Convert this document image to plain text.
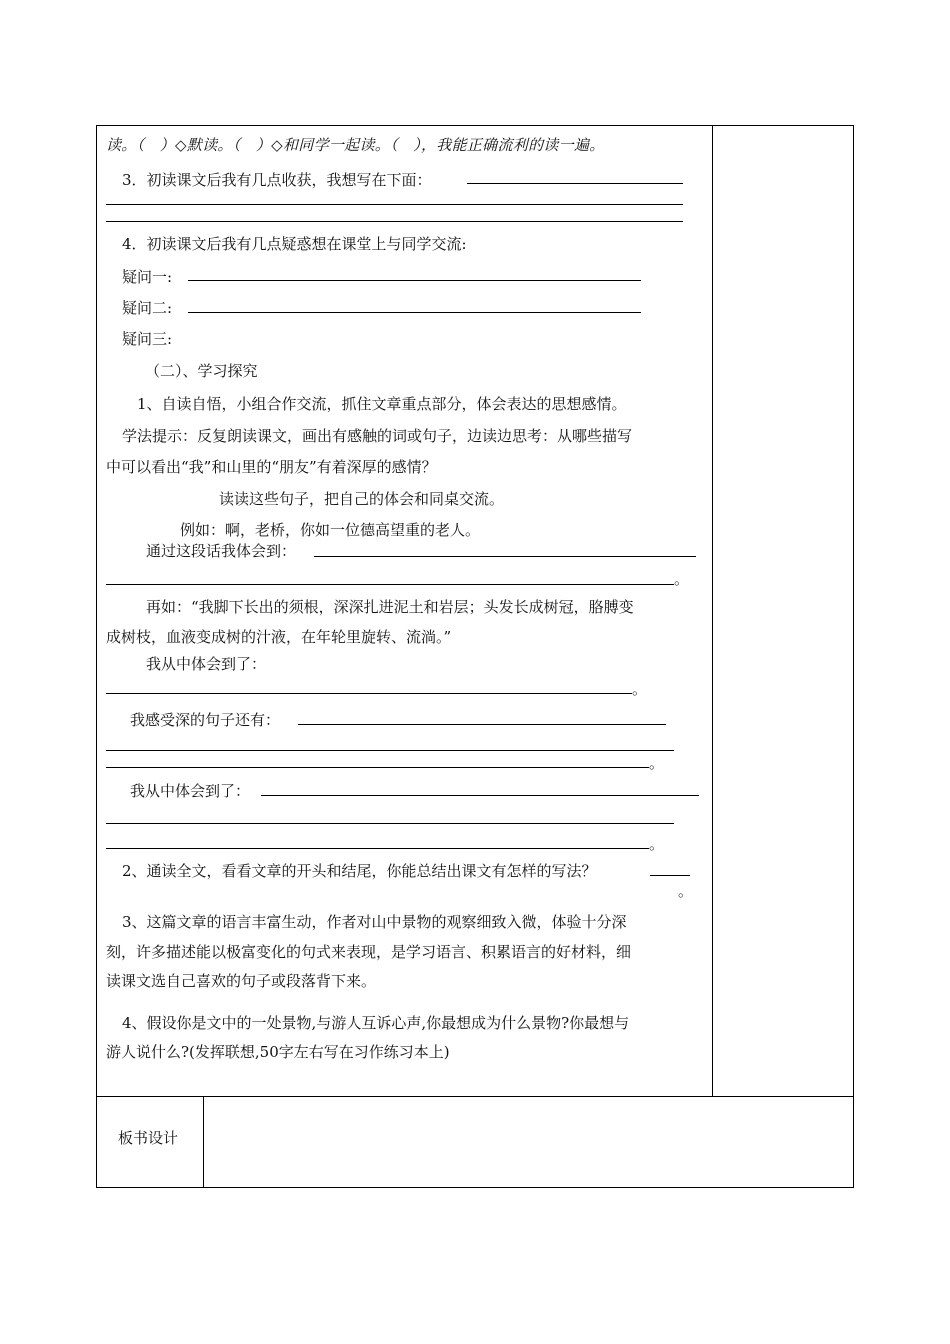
读。（　）◇默读。（　）◇和同学一起读。（　），我能正确流利的读一遍。
3．初读课文后我有几点收获，我想写在下面：
4．初读课文后我有几点疑惑想在课堂上与同学交流:
疑问一:
疑问二:
疑问三:
（二）、学习探究
1、自读自悟，小组合作交流，抓住文章重点部分，体会表达的思想感情。
学法提示：反复朗读课文，画出有感触的词或句子，边读边思考：从哪些描写
中可以看出“我”和山里的“朋友”有着深厚的感情？
读读这些句子，把自己的体会和同桌交流。
例如：啊，老桥，你如一位德高望重的老人。
通过这段话我体会到：
。
再如：“我脚下长出的须根，深深扎进泥土和岩层；头发长成树冠，胳膊变
成树枝，血液变成树的汁液，在年轮里旋转、流淌。”
我从中体会到了：
。
我感受深的句子还有：
。
我从中体会到了：
。
2、通读全文，看看文章的开头和结尾，你能总结出课文有怎样的写法？
。
3、这篇文章的语言丰富生动，作者对山中景物的观察细致入微，体验十分深
刻，许多描述能以极富变化的句式来表现，是学习语言、积累语言的好材料，细
读课文选自己喜欢的句子或段落背下来。
4、假设你是文中的一处景物,与游人互诉心声,你最想成为什么景物?你最想与
游人说什么?(发挥联想,50字左右写在习作练习本上)
板书设计
